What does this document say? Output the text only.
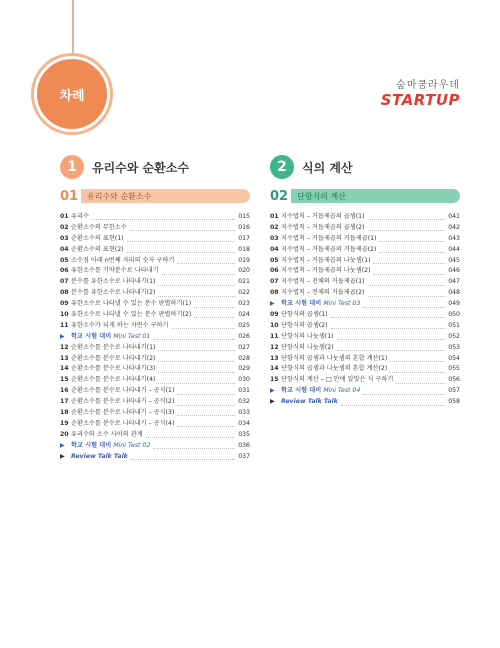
차례
숨마쿰라우데
STARTUP
1	유리수와 순환소수
01	유리수와 순환소수
01 유리수	015
02 순환소수의 무한소수	016
03 순환소수의 표현(1)	017
04 순환소수의 표현(2)	018
05 소수점 아래 n번째 자리의 숫자 구하기	019
06 유한소수를 기약분수로 나타내기	020
07 분수를 유한소수로 나타내기(1)	021
08 분수를 유한소수로 나타내기(2)	022
09 유한소수로 나타낼 수 있는 분수 판별하기(1)	023
10 유한소수로 나타낼 수 있는 분수 판별하기(2)	024
11 유한소수가 되게 하는 자연수 구하기	025
▶	학교 시험 대비 Mini Test 01	026
12 순환소수를 분수로 나타내기(1)	027
13 순환소수를 분수로 나타내기(2)	028
14 순환소수를 분수로 나타내기(3)	029
15 순환소수를 분수로 나타내기(4)	030
16 순환소수를 분수로 나타내기 – 공식(1)	031
17 순환소수를 분수로 나타내기 – 공식(2)	032
18 순환소수를 분수로 나타내기 – 공식(3)	033
19 순환소수를 분수로 나타내기 – 공식(4)	034
20 유리수와 소수 사이의 관계	035
▶	학교 시험 대비 Mini Test 02	036
▶	Review Talk Talk	037
2	식의 계산
02	단항식의 계산
01 지수법칙 – 거듭제곱의 곱셈(1)	041
02 지수법칙 – 거듭제곱의 곱셈(2)	042
03 지수법칙 – 거듭제곱의 거듭제곱(1)	043
04 지수법칙 – 거듭제곱의 거듭제곱(2)	044
05 지수법칙 – 거듭제곱의 나눗셈(1)	045
06 지수법칙 – 거듭제곱의 나눗셈(2)	046
07 지수법칙 – 전체의 거듭제곱(1)	047
08 지수법칙 – 전체의 거듭제곱(2)	048
▶	학교 시험 대비 Mini Test 03	049
09 단항식의 곱셈(1)	050
10 단항식의 곱셈(2)	051
11 단항식의 나눗셈(1)	052
12 단항식의 나눗셈(2)	053
13 단항식의 곱셈과 나눗셈의 혼합 계산(1)	054
14 단항식의 곱셈과 나눗셈의 혼합 계산(2)	055
15 단항식의 계산 – □ 안에 알맞은 식 구하기	056
▶	학교 시험 대비 Mini Test 04	057
▶	Review Talk Talk	058
